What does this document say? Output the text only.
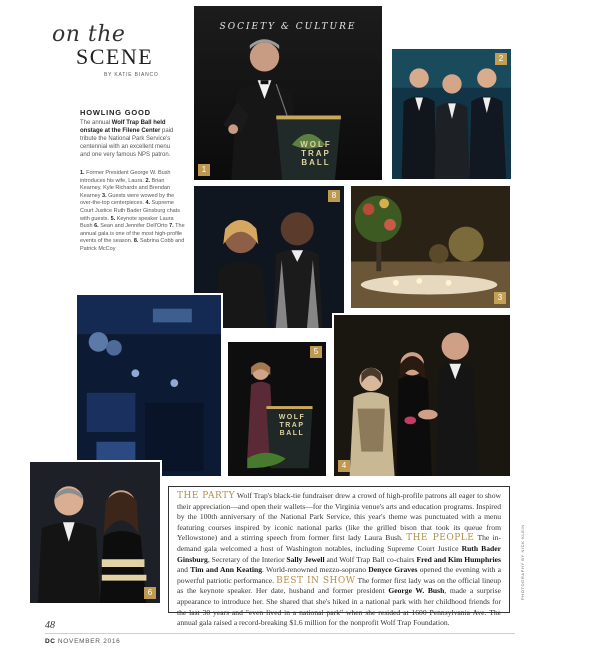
on the
SCENE
BY KATIE BIANCO
HOWLING GOOD
The annual Wolf Trap Ball held onstage at the Filene Center paid tribute the National Park Service's centennial with an excellent menu and one very famous NPS patron.
1. Former President George W. Bush introduces his wife, Laura. 2. Brian Kearney, Kyle Richards and Brendan Kearney 3. Guests were wowed by the over-the-top centerpieces. 4. Supreme Court Justice Ruth Bader Ginsburg chats with guests. 5. Keynote speaker Laura Bush 6. Sean and Jennifer Dell'Orto 7. The annual gala is one of the most high-profile events of the season. 8. Sabrina Cobb and Patrick McCoy
SOCIETY & CULTURE
WOLF TRAP BALL
1
2
8
3
WOLF TRAP BALL
5
4
6

THE PARTY Wolf Trap's black-tie fundraiser drew a crowd of high-profile patrons all eager to show their appreciation—and open their wallets—for the Virginia venue's arts and education programs. Inspired by the 100th anniversary of the National Park Service, this year's theme was punctuated with a menu featuring courses inspired by iconic national parks (like the grilled bison that took its queue from Yellowstone) and a stirring speech from former first lady Laura Bush. THE PEOPLE The in-demand gala welcomed a host of Washington notables, including Supreme Court Justice Ruth Bader Ginsburg, Secretary of the Interior Sally Jewell and Wolf Trap Ball co-chairs Fred and Kim Humphries and Tim and Ann Keating. World-renowned mezzo-soprano Denyce Graves opened the evening with a powerful patriotic performance. BEST IN SHOW The former first lady was on the official lineup as the keynote speaker. Her date, husband and former president George W. Bush, made a surprise appearance to introduce her. She shared that she's hiked in a national park with her childhood friends for the last 30 years and "even lived in a national park" when she resided at 1600 Pennsylvania Ave. The annual gala raised a record-breaking $1.6 million for the nonprofit Wolf Trap Foundation.

PHOTOGRAPHY BY NICK KLEIN
48
DC NOVEMBER 2016
